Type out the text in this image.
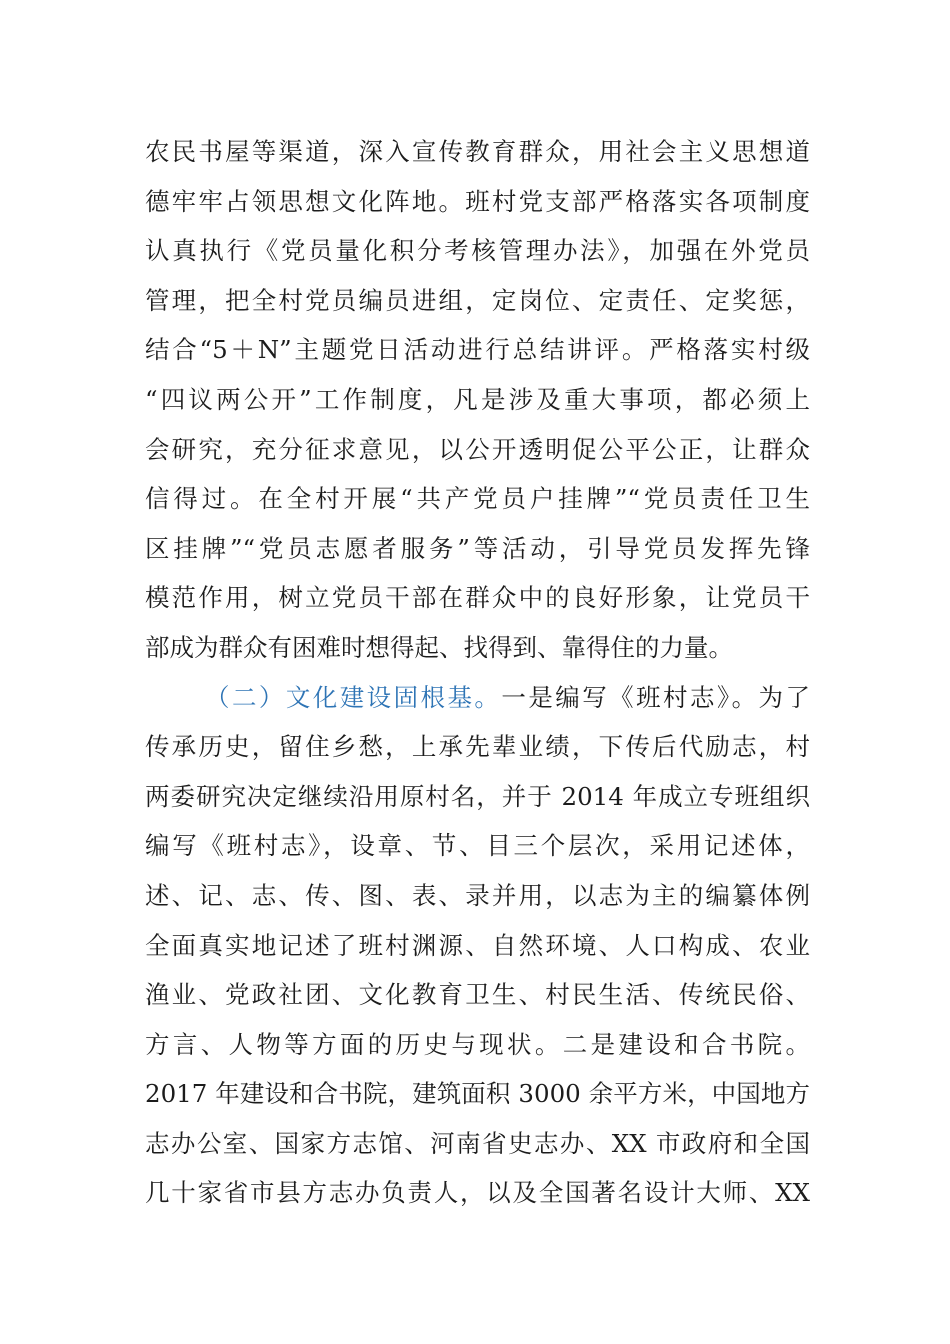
农民书屋等渠道，深入宣传教育群众，用社会主义思想道
德牢牢占领思想文化阵地。班村党支部严格落实各项制度
认真执行《党员量化积分考核管理办法》，加强在外党员
管理，把全村党员编员进组，定岗位、定责任、定奖惩，
结合“5＋N”主题党日活动进行总结讲评。严格落实村级
“四议两公开”工作制度，凡是涉及重大事项，都必须上
会研究，充分征求意见，以公开透明促公平公正，让群众
信得过。在全村开展“共产党员户挂牌”“党员责任卫生
区挂牌”“党员志愿者服务”等活动，引导党员发挥先锋
模范作用，树立党员干部在群众中的良好形象，让党员干
部成为群众有困难时想得起、找得到、靠得住的力量。
（二）文化建设固根基。一是编写《班村志》。为了
传承历史，留住乡愁，上承先辈业绩，下传后代励志，村
两委研究决定继续沿用原村名，并于 2014 年成立专班组织
编写《班村志》，设章、节、目三个层次，采用记述体，
述、记、志、传、图、表、录并用，以志为主的编纂体例
全面真实地记述了班村渊源、自然环境、人口构成、农业
渔业、党政社团、文化教育卫生、村民生活、传统民俗、
方言、人物等方面的历史与现状。二是建设和合书院。
2017 年建设和合书院，建筑面积 3000 余平方米，中国地方
志办公室、国家方志馆、河南省史志办、XX 市政府和全国
几十家省市县方志办负责人，以及全国著名设计大师、XX
